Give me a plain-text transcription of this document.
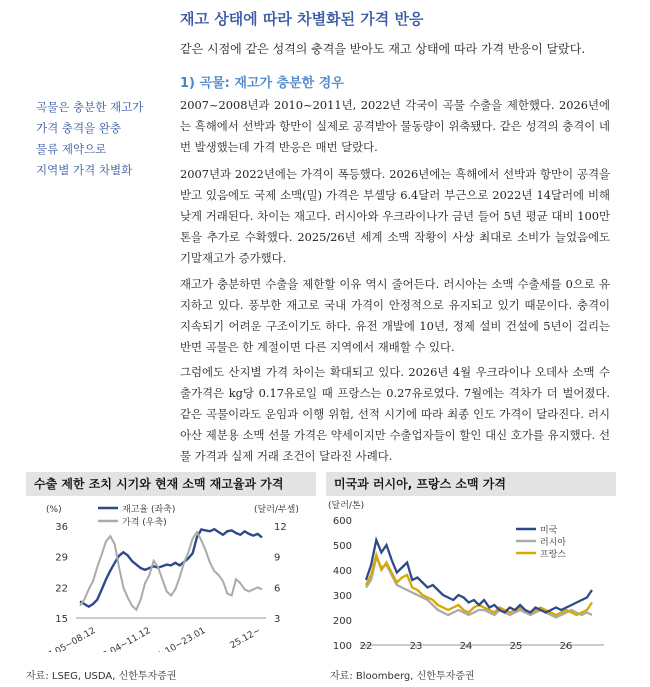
재고 상태에 따라 차별화된 가격 반응
같은 시점에 같은 성격의 충격을 받아도 재고 상태에 따라 가격 반응이 달랐다.
1) 곡물: 재고가 충분한 경우
곡물은 충분한 재고가
가격 충격을 완충
물류 제약으로
지역별 가격 차별화

2007~2008년과 2010~2011년, 2022년 각국이 곡물 수출을 제한했다. 2026년에는 흑해에서 선박과 항만이 실제로 공격받아 물동량이 위축됐다. 같은 성격의 충격이 네 번 발생했는데 가격 반응은 매번 달랐다.

2007년과 2022년에는 가격이 폭등했다. 2026년에는 흑해에서 선박과 항만이 공격을 받고 있음에도 국제 소맥(밀) 가격은 부셸당 6.4달러 부근으로 2022년 14달러에 비해 낮게 거래된다. 차이는 재고다. 러시아와 우크라이나가 금년 들어 5년 평균 대비 100만톤을 추가로 수확했다. 2025/26년 세계 소맥 작황이 사상 최대로 소비가 늘었음에도 기말재고가 증가했다.

재고가 충분하면 수출을 제한할 이유 역시 줄어든다. 러시아는 소맥 수출세를 0으로 유지하고 있다. 풍부한 재고로 국내 가격이 안정적으로 유지되고 있기 때문이다. 충격이 지속되기 어려운 구조이기도 하다. 유전 개발에 10년, 정제 설비 건설에 5년이 걸리는 반면 곡물은 한 계절이면 다른 지역에서 재배할 수 있다.

그럼에도 산지별 가격 차이는 확대되고 있다. 2026년 4월 우크라이나 오데사 소맥 수출가격은 kg당 0.17유로일 때 프랑스는 0.27유로였다. 7월에는 격차가 더 벌어졌다. 같은 곡물이라도 운임과 이행 위험, 선적 시기에 따라 최종 인도 가격이 달라진다. 러시아산 제분용 소맥 선물 가격은 약세이지만 수출업자들이 할인 대신 호가를 유지했다. 선물 가격과 실제 거래 조건이 달라진 사례다.

수출 제한 조치 시기와 현재 소맥 재고율과 가격
(%)	(달러/부셸)
15
22
29
36
3
6
9
12
07.05~08.12
10.04~11.12
21.10~23.01 25.12~
재고율 (좌축)
가격 (우축)
자료: LSEG, USDA, 신한투자증권
미국과 러시아, 프랑스 소맥 가격
(달러/톤)
100
200
300
400
500
600
22	23	24	25	26
미국
러시아
프랑스
자료: Bloomberg, 신한투자증권
